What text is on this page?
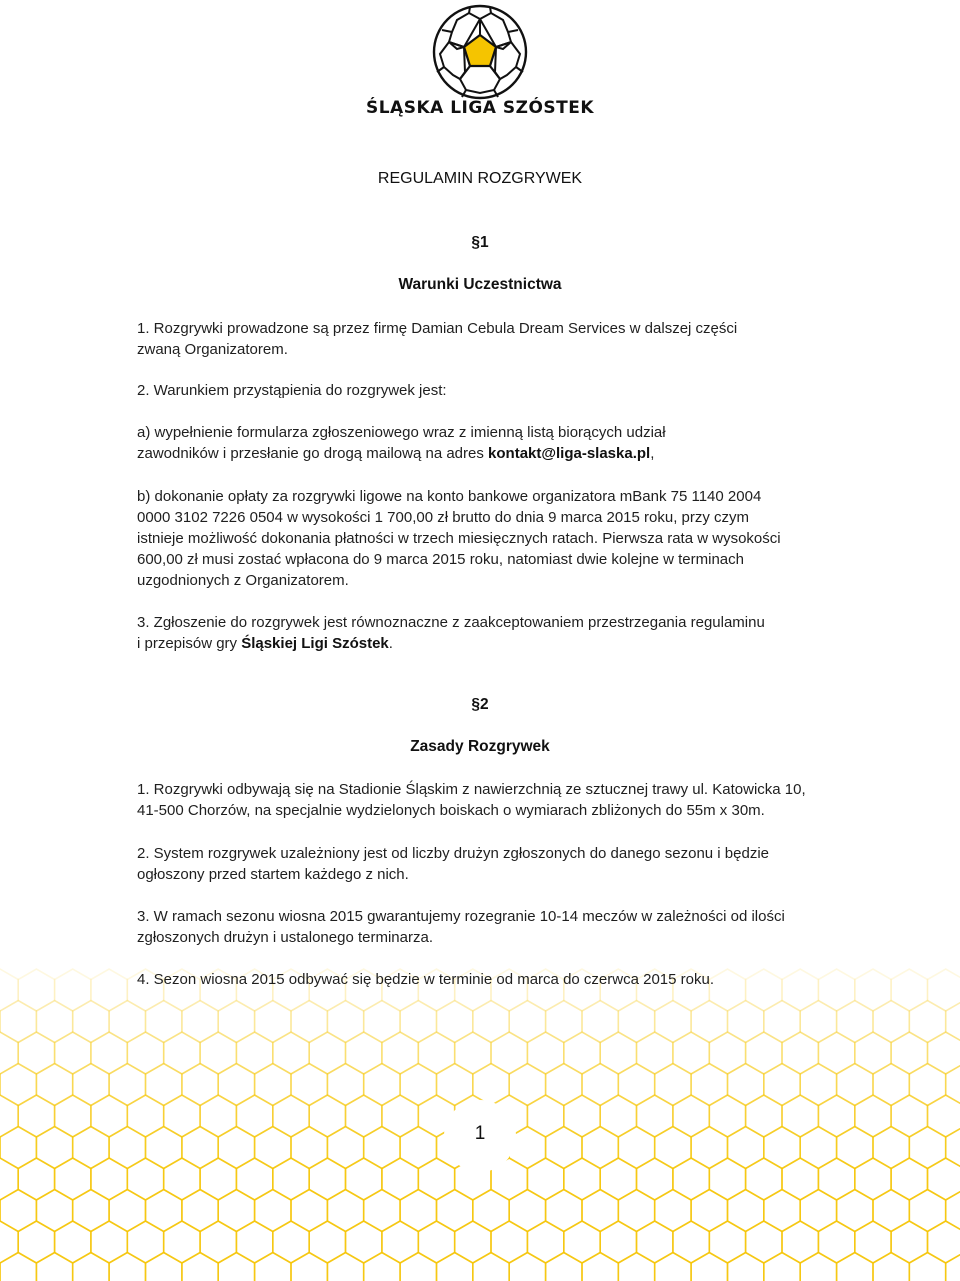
ŚLĄSKA LIGA SZÓSTEK
REGULAMIN ROZGRYWEK
§1
Warunki Uczestnictwa
1. Rozgrywki prowadzone są przez firmę Damian Cebula Dream Services w dalszej części
zwaną Organizatorem.
2. Warunkiem przystąpienia do rozgrywek jest:
a) wypełnienie formularza zgłoszeniowego wraz z imienną listą biorących udział
zawodników i przesłanie go drogą mailową na adres kontakt@liga-slaska.pl,
b) dokonanie opłaty za rozgrywki ligowe na konto bankowe organizatora mBank 75 1140 2004
0000 3102 7226 0504 w wysokości 1 700,00 zł brutto do dnia 9 marca 2015 roku, przy czym
istnieje możliwość dokonania płatności w trzech miesięcznych ratach. Pierwsza rata w wysokości
600,00 zł musi zostać wpłacona do 9 marca 2015 roku, natomiast dwie kolejne w terminach
uzgodnionych z Organizatorem.
3. Zgłoszenie do rozgrywek jest równoznaczne z zaakceptowaniem przestrzegania regulaminu
i przepisów gry Śląskiej Ligi Szóstek.
§2
Zasady Rozgrywek
1. Rozgrywki odbywają się na Stadionie Śląskim z nawierzchnią ze sztucznej trawy ul. Katowicka 10,
41-500 Chorzów, na specjalnie wydzielonych boiskach o wymiarach zbliżonych do 55m x 30m.
2. System rozgrywek uzależniony jest od liczby drużyn zgłoszonych do danego sezonu i będzie
ogłoszony przed startem każdego z nich.
3. W ramach sezonu wiosna 2015 gwarantujemy rozegranie 10-14 meczów w zależności od ilości
zgłoszonych drużyn i ustalonego terminarza.
4. Sezon wiosna 2015 odbywać się będzie w terminie od marca do czerwca 2015 roku.
1
